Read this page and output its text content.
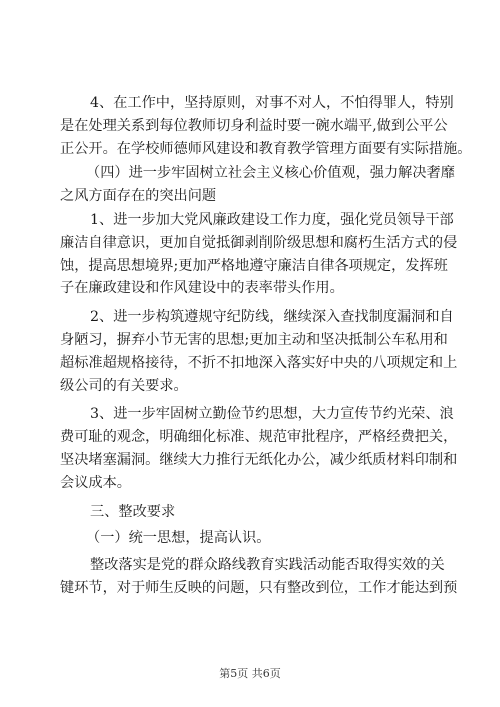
4、在工作中，坚持原则，对事不对人，不怕得罪人，特别
是在处理关系到每位教师切身利益时要一碗水端平,做到公平公
正公开。在学校师德师风建设和教育教学管理方面要有实际措施。

（四）进一步牢固树立社会主义核心价值观，强力解决奢靡
之风方面存在的突出问题

1、进一步加大党风廉政建设工作力度，强化党员领导干部
廉洁自律意识，更加自觉抵御剥削阶级思想和腐朽生活方式的侵
蚀，提高思想境界;更加严格地遵守廉洁自律各项规定，发挥班
子在廉政建设和作风建设中的表率带头作用。

2、进一步构筑遵规守纪防线，继续深入查找制度漏洞和自
身陋习，摒弃小节无害的思想;更加主动和坚决抵制公车私用和
超标准超规格接待，不折不扣地深入落实好中央的八项规定和上
级公司的有关要求。

3、进一步牢固树立勤俭节约思想，大力宣传节约光荣、浪
费可耻的观念，明确细化标准、规范审批程序，严格经费把关，
坚决堵塞漏洞。继续大力推行无纸化办公，减少纸质材料印制和
会议成本。

三、整改要求

（一）统一思想，提高认识。

整改落实是党的群众路线教育实践活动能否取得实效的关
键环节，对于师生反映的问题，只有整改到位，工作才能达到预

第5页 共6页
